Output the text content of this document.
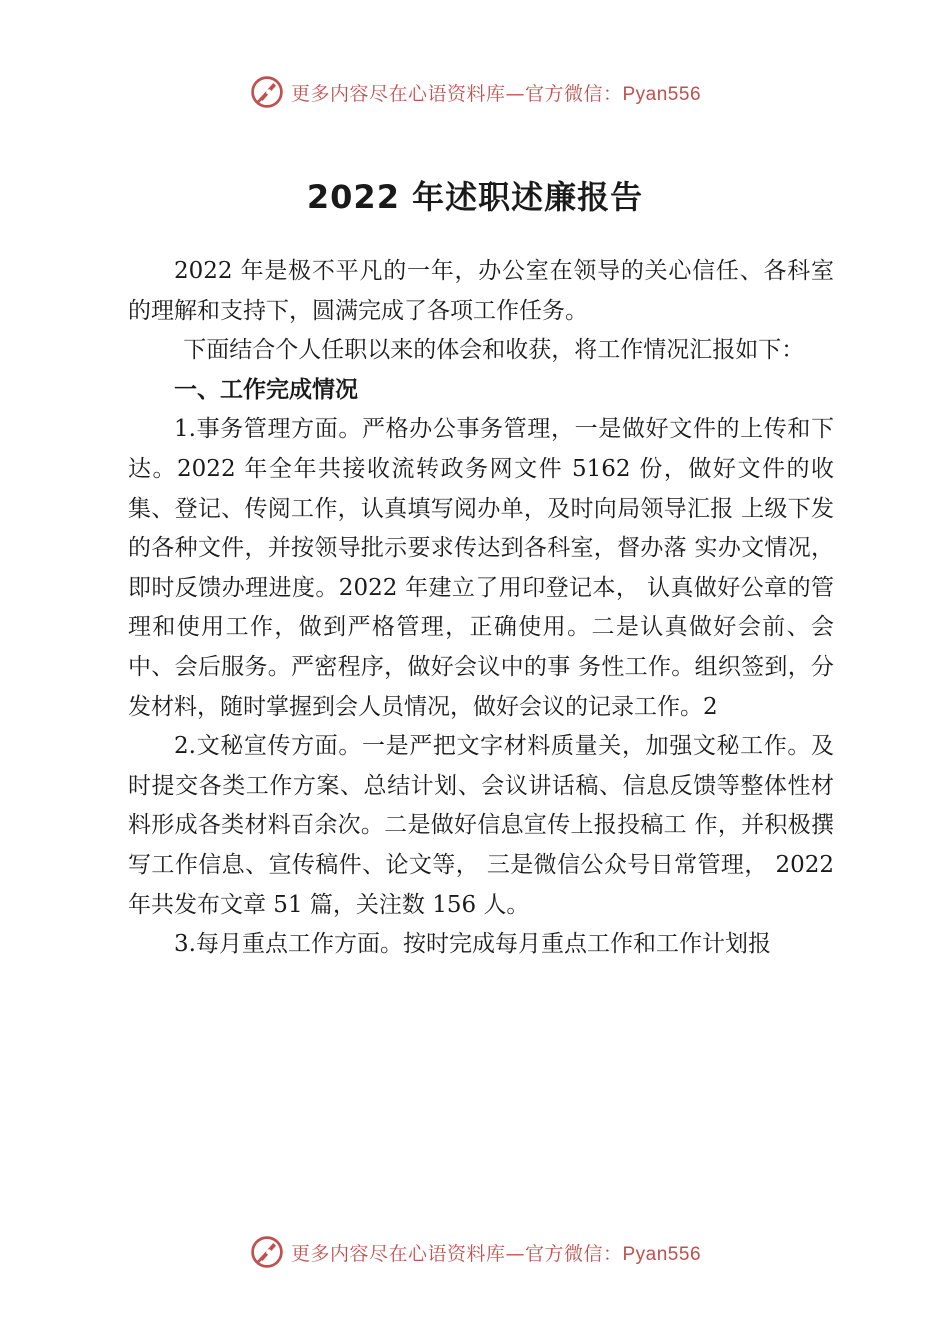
更多内容尽在心语资料库—官方微信：Pyan556
2022 年述职述廉报告

2022 年是极不平凡的一年，办公室在领导的关心信任、各科室的理解和支持下，圆满完成了各项工作任务。

下面结合个人任职以来的体会和收获，将工作情况汇报如下：

一、工作完成情况

1.事务管理方面。严格办公事务管理，一是做好文件的上传和下达。2022 年全年共接收流转政务网文件 5162 份，做好文件的收集、登记、传阅工作，认真填写阅办单，及时向局领导汇报 上级下发的各种文件，并按领导批示要求传达到各科室，督办落 实办文情况，即时反馈办理进度。2022 年建立了用印登记本， 认真做好公章的管理和使用工作，做到严格管理，正确使用。二是认真做好会前、会中、会后服务。严密程序，做好会议中的事 务性工作。组织签到，分发材料，随时掌握到会人员情况，做好会议的记录工作。2

2.文秘宣传方面。一是严把文字材料质量关，加强文秘工作。及时提交各类工作方案、总结计划、会议讲话稿、信息反馈等整体性材料形成各类材料百余次。二是做好信息宣传上报投稿工 作，并积极撰写工作信息、宣传稿件、论文等， 三是微信公众号日常管理， 2022 年共发布文章 51 篇，关注数 156 人。

3.每月重点工作方面。按时完成每月重点工作和工作计划报

更多内容尽在心语资料库—官方微信：Pyan556
